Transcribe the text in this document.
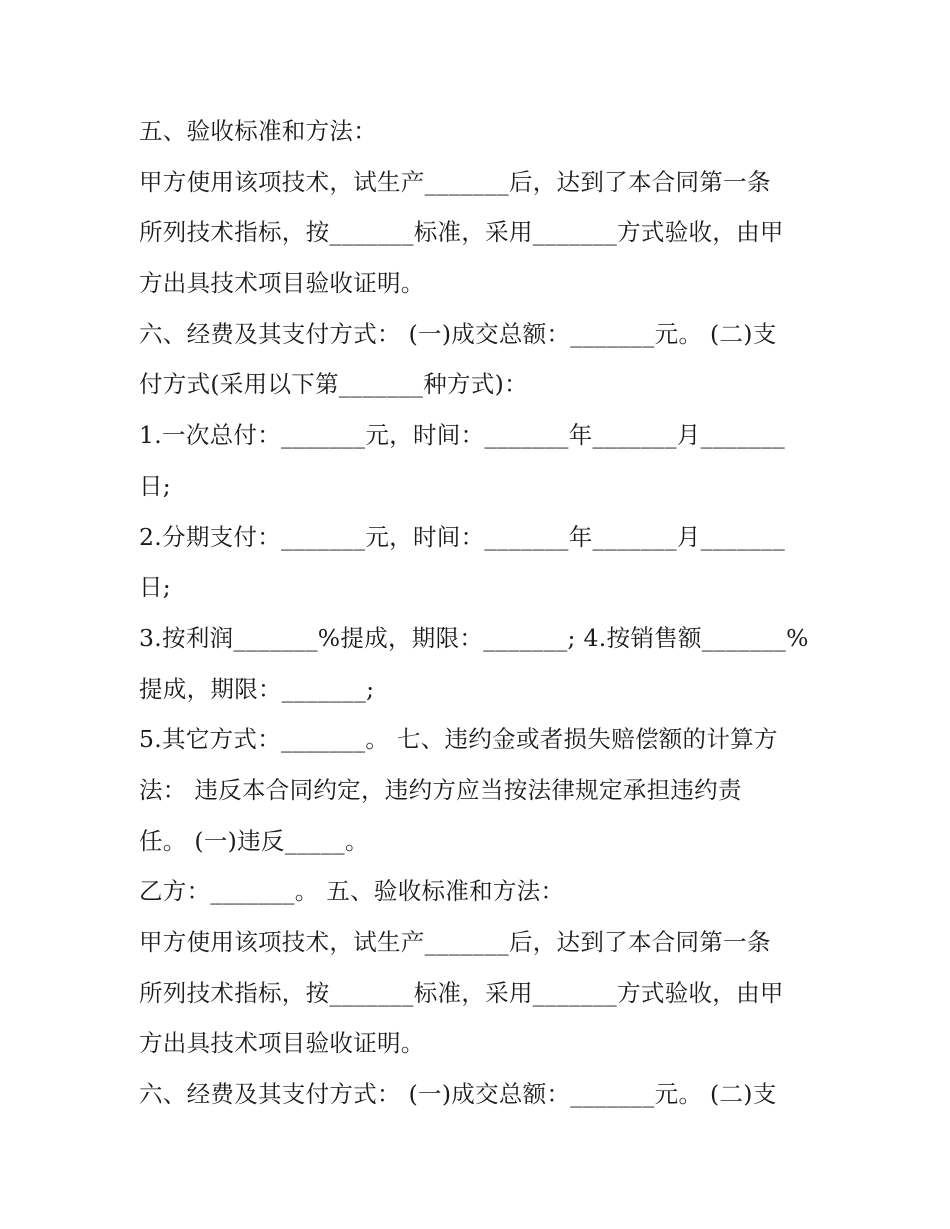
五、验收标准和方法：

甲方使用该项技术，试生产_______后，达到了本合同第一条

所列技术指标，按_______标准，采用_______方式验收，由甲

方出具技术项目验收证明。

六、经费及其支付方式： (一)成交总额：_______元。 (二)支

付方式(采用以下第_______种方式)：

1.一次总付：_______元，时间：_______年_______月_______

日;

2.分期支付：_______元，时间：_______年_______月_______

日;

3.按利润_______%提成，期限：_______; 4.按销售额_______%

提成，期限：_______;

5.其它方式：_______。 七、违约金或者损失赔偿额的计算方

法： 违反本合同约定，违约方应当按法律规定承担违约责

任。 (一)违反_____。

乙方：_______。 五、验收标准和方法：

甲方使用该项技术，试生产_______后，达到了本合同第一条

所列技术指标，按_______标准，采用_______方式验收，由甲

方出具技术项目验收证明。

六、经费及其支付方式： (一)成交总额：_______元。 (二)支
